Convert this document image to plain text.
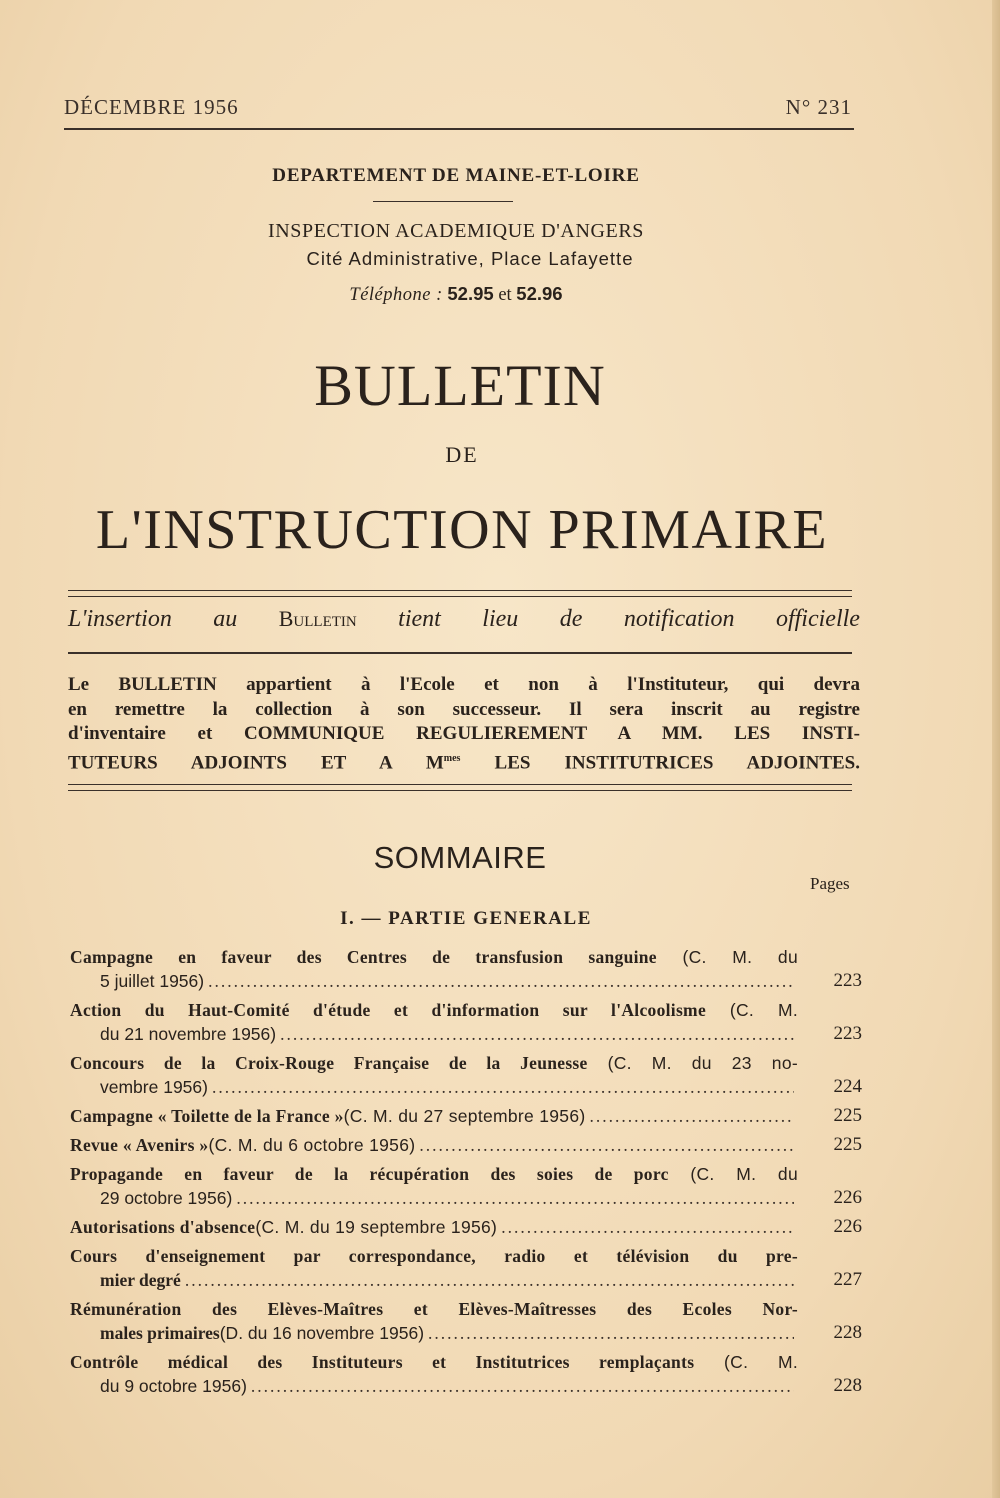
DÉCEMBRE 1956	N° 231
DEPARTEMENT DE MAINE-ET-LOIRE
INSPECTION ACADEMIQUE D'ANGERS
Cité Administrative, Place Lafayette
Téléphone : 52.95 et 52.96
BULLETIN
DE
L'INSTRUCTION PRIMAIRE
L'insertion au Bulletin tient lieu de notification officielle

Le BULLETIN appartient à l'Ecole et non à l'Instituteur, qui devra

en remettre la collection à son successeur. Il sera inscrit au registre

d'inventaire et COMMUNIQUE REGULIEREMENT A MM. LES INSTI-

TUTEURS ADJOINTS ET A $M^{mes}$ LES INSTITUTRICES ADJOINTES.

SOMMAIRE
Pages
I. — PARTIE GENERALE
Campagne en faveur des Centres de transfusion sanguine (C. M. du
5 juillet 1956) .....	223
Action du Haut-Comité d'étude et d'information sur l'Alcoolisme (C. M.
du 21 novembre 1956) .....	223
Concours de la Croix-Rouge Française de la Jeunesse (C. M. du 23 no-
vembre 1956) .....	224
Campagne « Toilette de la France » (C. M. du 27 septembre 1956) .....	225
Revue « Avenirs » (C. M. du 6 octobre 1956) .....	225
Propagande en faveur de la récupération des soies de porc (C. M. du
29 octobre 1956) .....	226
Autorisations d'absence (C. M. du 19 septembre 1956) .....	226
Cours d'enseignement par correspondance, radio et télévision du pre-
mier degré .....	227
Rémunération des Elèves-Maîtres et Elèves-Maîtresses des Ecoles Nor-
males primaires (D. du 16 novembre 1956) .....	228
Contrôle médical des Instituteurs et Institutrices remplaçants (C. M.
du 9 octobre 1956) .....	228
